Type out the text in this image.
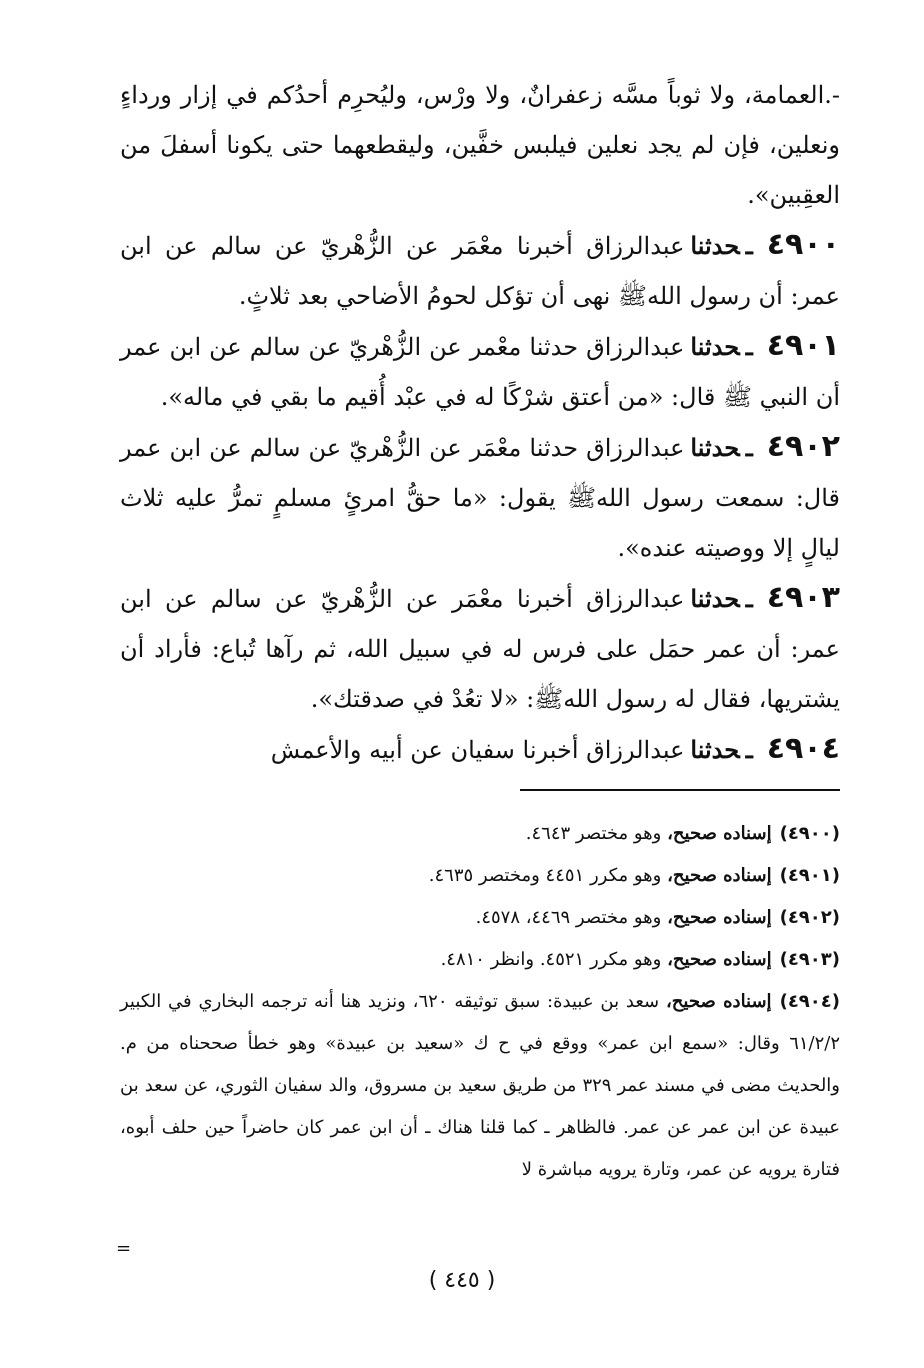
-.العمامة، ولا ثوباً مسَّه زعفرانٌ، ولا ورْس، وليُحرِم أحدُكم في إزار ورداءٍ ونعلين، فإن لم يجد نعلين فيلبس خفَّين، وليقطعهما حتى يكونا أسفلَ من العقِبين».

٤٩٠٠ـحدثناعبدالرزاق أخبرنا معْمَر عن الزُّهْريّ عن سالم عن ابن عمر: أن رسول اللهﷺ نهى أن تؤكل لحومُ الأضاحي بعد ثلاثٍ.

٤٩٠١ـحدثناعبدالرزاق حدثنا معْمر عن الزُّهْريّ عن سالم عن ابن عمر أن النبي ﷺ قال: «من أعتق شرْكًا له في عبْد أُقيم ما بقي في ماله».

٤٩٠٢ـحدثناعبدالرزاق حدثنا معْمَر عن الزُّهْريّ عن سالم عن ابن عمر قال: سمعت رسول اللهﷺ يقول: «ما حقُّ امرئٍ مسلمٍ تمرُّ عليه ثلاث ليالٍ إلا ووصيته عنده».

٤٩٠٣ـحدثناعبدالرزاق أخبرنا معْمَر عن الزُّهْريّ عن سالم عن ابن عمر: أن عمر حمَل على فرس له في سبيل الله، ثم رآها تُباع: فأراد أن يشتريها، فقال له رسول اللهﷺ: «لا تعُدْ في صدقتك».

٤٩٠٤ـحدثناعبدالرزاق أخبرنا سفيان عن أبيه والأعمش

(٤٩٠٠)إسناده صحيح، وهو مختصر ٤٦٤٣.

(٤٩٠١)إسناده صحيح، وهو مكرر ٤٤٥١ ومختصر ٤٦٣٥.

(٤٩٠٢)إسناده صحيح، وهو مختصر ٤٤٦٩، ٤٥٧٨.

(٤٩٠٣)إسناده صحيح، وهو مكرر ٤٥٢١. وانظر ٤٨١٠.

(٤٩٠٤)إسناده صحيح، سعد بن عبيدة: سبق توثيقه ٦٢٠، ونزيد هنا أنه ترجمه البخاري في الكبير ٦١/٢/٢ وقال: «سمع ابن عمر» ووقع في ح ك «سعيد بن عبيدة» وهو خطأ صححناه من م. والحديث مضى في مسند عمر ٣٢٩ من طريق سعيد بن مسروق، والد سفيان الثوري، عن سعد بن عبيدة عن ابن عمر عن عمر. فالظاهر ـ كما قلنا هناك ـ أن ابن عمر كان حاضراً حين حلف أبوه، فتارة يرويه عن عمر، وتارة يرويه مباشرة لا

=
( ٤٤٥ )
